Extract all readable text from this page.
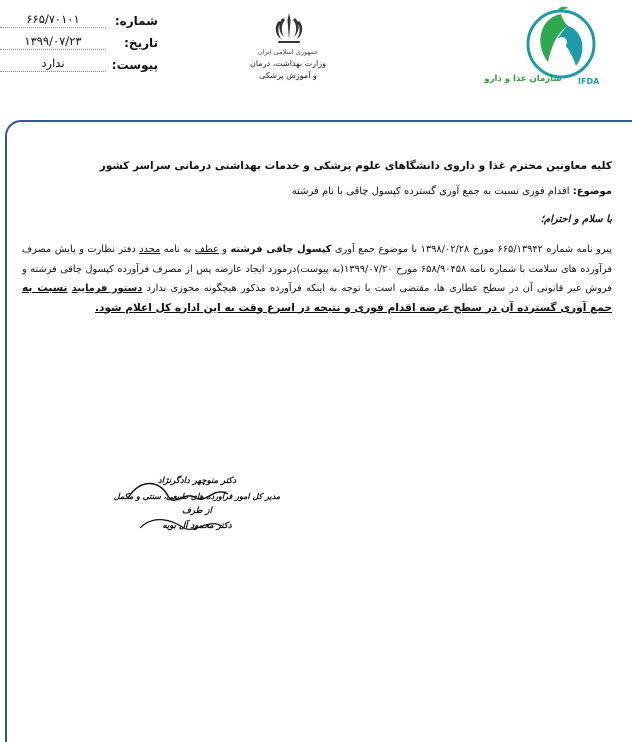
شماره:
۶۶۵/۷۰۱۰۱
تاریخ:
۱۳۹۹/۰۷/۲۳
پیوست:
ندارد
جمهوری اسلامی ایران
وزارت بهداشت، درمان
و آموزش پزشکی
IFDA
سازمان غذا و دارو
کلیه معاونین محترم غذا و داروی دانشگاهای علوم پزشکی و خدمات بهداشتی درمانی سراسر کشور
موضوع: اقدام فوری نسبت به جمع آوری گسترده کپسول چاقی با نام فرشته
با سلام و احترام؛
پیرو نامه شماره ۶۶۵/۱۳۹۴۲ مورخ ۱۳۹۸/۰۲/۲۸ با موضوع جمع آوری کپسول چاقی فرشته و عطف به نامه مجدد دفتر نظارت و پایش مصرف فرآورده های سلامت با شماره نامه ۶۵۸/۹۰۴۵۸ مورخ ۱۳۹۹/۰۷/۲۰(به پیوست)درمورد ایجاد عارضه پس از مصرف فرآورده کپسول چاقی فرشته و فروش غیر قانونی آن در سطح عطاری ها، مقتضی است با توجه به اینکه فرآورده مذکور هیچگونه مجوزی ندارد دستور فرمایید نسبت به جمع آوری گسترده آن در سطح عرضه اقدام فوری و نتیجه در اسرع وقت به این اداره کل اعلام شود.
دکتر منوچهر دادگرنژاد
مدیر کل امور فرآورده های طبیعی، سنتی و مکمل
از طرف
دکتر محمود آل بویه
